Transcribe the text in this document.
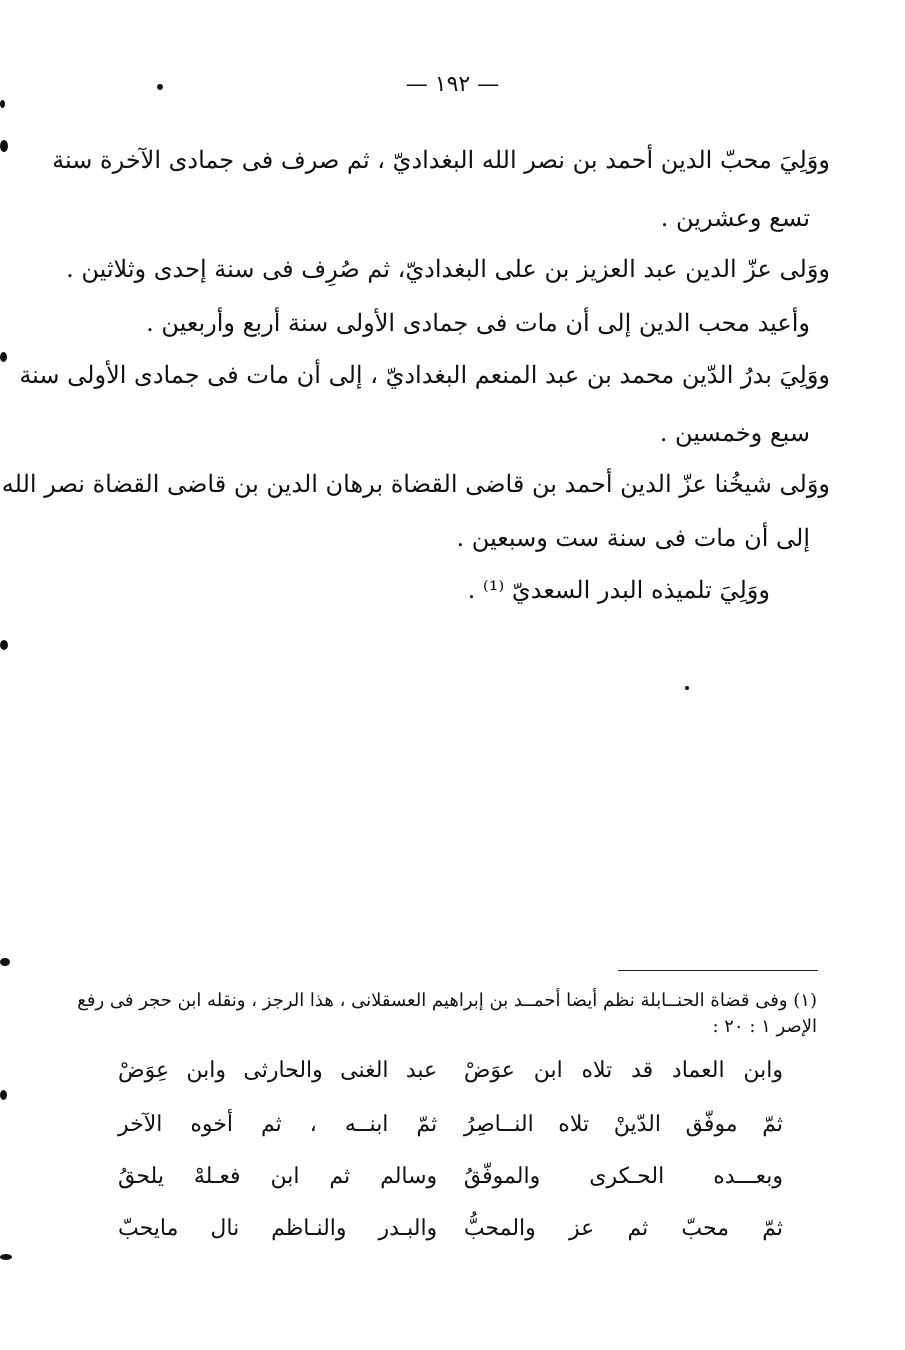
— ١٩٢ —
ووَلِيَ محبّ الدين أحمد بن نصر الله البغداديّ ، ثم صرف فى جمادى الآخرة سنة
تسع وعشرين .
ووَلى عزّ الدين عبد العزيز بن على البغداديّ، ثم صُرِف فى سنة إحدى وثلاثين .
وأعيد محب الدين إلى أن مات فى جمادى الأولى سنة أربع وأربعين .
ووَلِيَ بدرُ الدّين محمد بن عبد المنعم البغداديّ ، إلى أن مات فى جمادى الأولى سنة
سبع وخمسين .
ووَلى شيخُنا عزّ الدين أحمد بن قاضى القضاة برهان الدين بن قاضى القضاة نصر الله
إلى أن مات فى سنة ست وسبعين .
ووَلِيَ تلميذه البدر السعديّ ⁽¹⁾ .
(١) وفى قضاة الحنــابلة نظم أيضا أحمــد بن إبراهيم العسقلانى ، هذا الرجز ، ونقله ابن حجر فى رفع
الإصر ١ : ٢٠ :
وابن العماد قد تلاه ابن عوَضْ
عبد الغنى والحارثى وابن عِوَضْ
ثمّ موفّق الدّينْ تلاه النــاصِرُ
ثمّ ابنــه ، ثم أخوه الآخر
وبعـــده الحـكرى والموفّقُ
وسالم ثم ابن فعـلهْ يلحقُ
ثمّ محبّ ثم عز والمحبُّ
والبـدر والنـاظم نال مايحبّ
